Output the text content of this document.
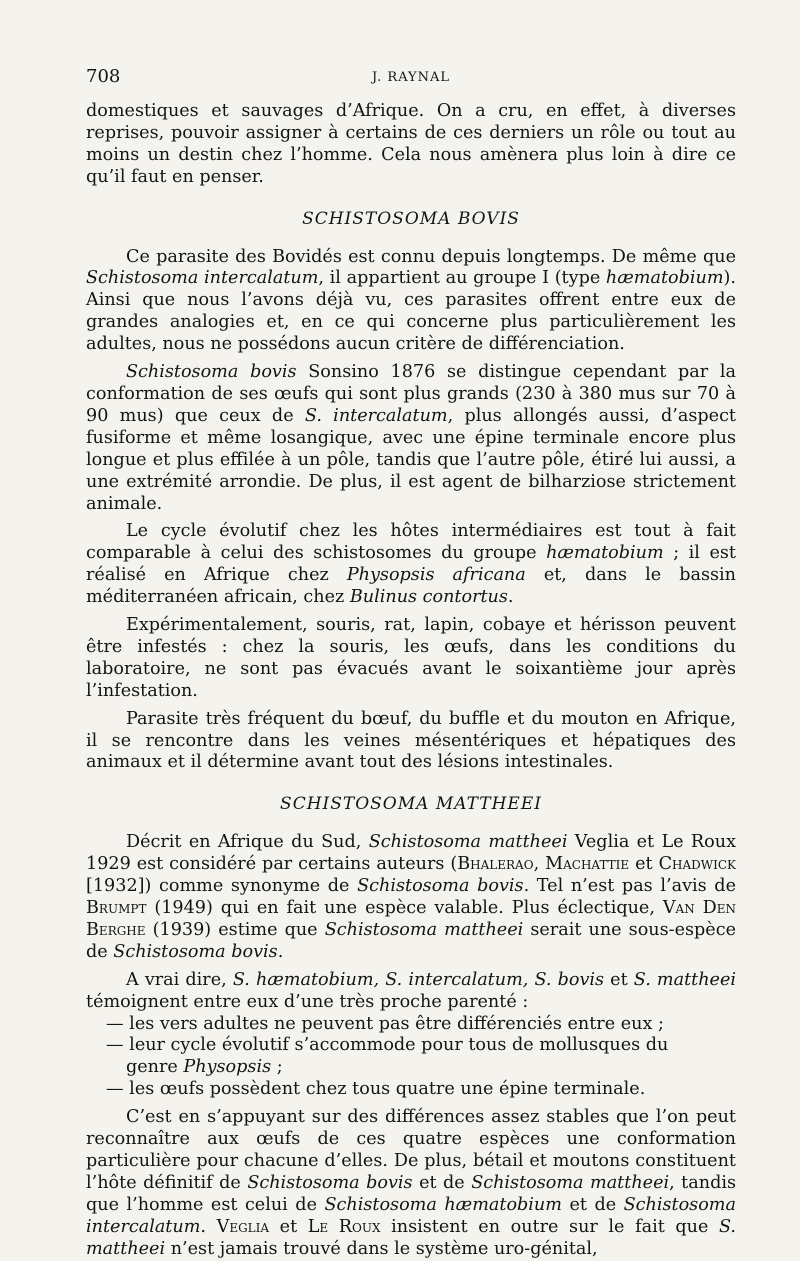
708	J. RAYNAL

domestiques et sauvages d’Afrique. On a cru, en effet, à diverses reprises, pouvoir assigner à certains de ces derniers un rôle ou tout au moins un destin chez l’homme. Cela nous amènera plus loin à dire ce qu’il faut en penser.

SCHISTOSOMA BOVIS

Ce parasite des Bovidés est connu depuis longtemps. De même que Schistosoma intercalatum, il appartient au groupe I (type hæmatobium). Ainsi que nous l’avons déjà vu, ces parasites offrent entre eux de grandes analogies et, en ce qui concerne plus particulièrement les adultes, nous ne possédons aucun critère de différenciation.

Schistosoma bovis Sonsino 1876 se distingue cependant par la conformation de ses œufs qui sont plus grands (230 à 380 mus sur 70 à 90 mus) que ceux de S. intercalatum, plus allongés aussi, d’aspect fusiforme et même losangique, avec une épine terminale encore plus longue et plus effilée à un pôle, tandis que l’autre pôle, étiré lui aussi, a une extrémité arrondie. De plus, il est agent de bilharziose strictement animale.

Le cycle évolutif chez les hôtes intermédiaires est tout à fait comparable à celui des schistosomes du groupe hæmatobium ; il est réalisé en Afrique chez Physopsis africana et, dans le bassin méditerranéen africain, chez Bulinus contortus.

Expérimentalement, souris, rat, lapin, cobaye et hérisson peuvent être infestés : chez la souris, les œufs, dans les conditions du laboratoire, ne sont pas évacués avant le soixantième jour après l’infestation.

Parasite très fréquent du bœuf, du buffle et du mouton en Afrique, il se rencontre dans les veines mésentériques et hépatiques des animaux et il détermine avant tout des lésions intestinales.

SCHISTOSOMA MATTHEEI

Décrit en Afrique du Sud, Schistosoma mattheei Veglia et Le Roux 1929 est considéré par certains auteurs (Bhalerao, Machattie et Chadwick [1932]) comme synonyme de Schistosoma bovis. Tel n’est pas l’avis de Brumpt (1949) qui en fait une espèce valable. Plus éclectique, Van Den Berghe (1939) estime que Schistosoma mattheei serait une sous-espèce de Schistosoma bovis.

A vrai dire, S. hæmatobium, S. intercalatum, S. bovis et S. mattheei témoignent entre eux d’une très proche parenté :

— les vers adultes ne peuvent pas être différenciés entre eux ;
— leur cycle évolutif s’accommode pour tous de mollusques du
genre Physopsis ;
— les œufs possèdent chez tous quatre une épine terminale.

C’est en s’appuyant sur des différences assez stables que l’on peut reconnaître aux œufs de ces quatre espèces une conformation particulière pour chacune d’elles. De plus, bétail et moutons constituent l’hôte définitif de Schistosoma bovis et de Schistosoma mattheei, tandis que l’homme est celui de Schistosoma hæmatobium et de Schistosoma intercalatum. Veglia et Le Roux insistent en outre sur le fait que S. mattheei n’est jamais trouvé dans le système uro-génital,
